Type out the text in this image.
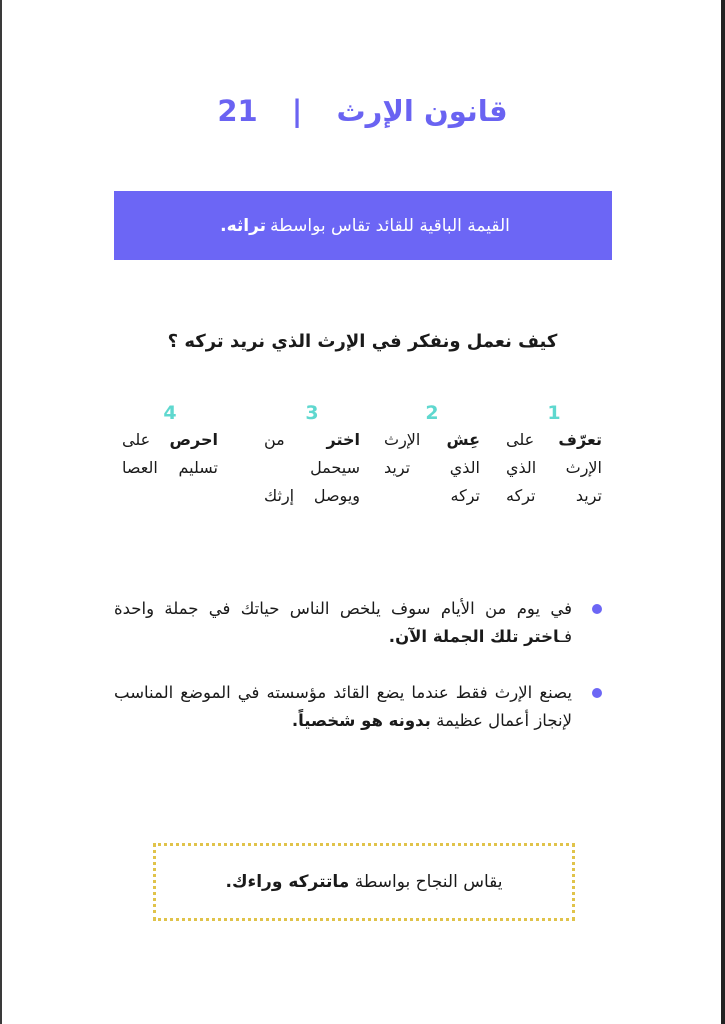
قانون الإرث | 21
القيمة الباقية للقائد تقاس بواسطة
تراثه.
كيف نعمل ونفكر في الإرث الذي نريد تركه ؟
1
تعرّف على الإرث الذي تريد تركه
2
عِش الإرث الذي تريد تركه
3
اختر من سيحمل ويوصل إرثك
4
احرص على تسليم العصا
في يوم من الأيام سوف يلخص الناس حياتك في جملة واحدة فـاختر تلك الجملة الآن.
يصنع الإرث فقط عندما يضع القائد مؤسسته في الموضع المناسب لإنجاز أعمال عظيمة بدونه هو شخصياً.
يقاس النجاح بواسطة

ماتتركه وراءك.
